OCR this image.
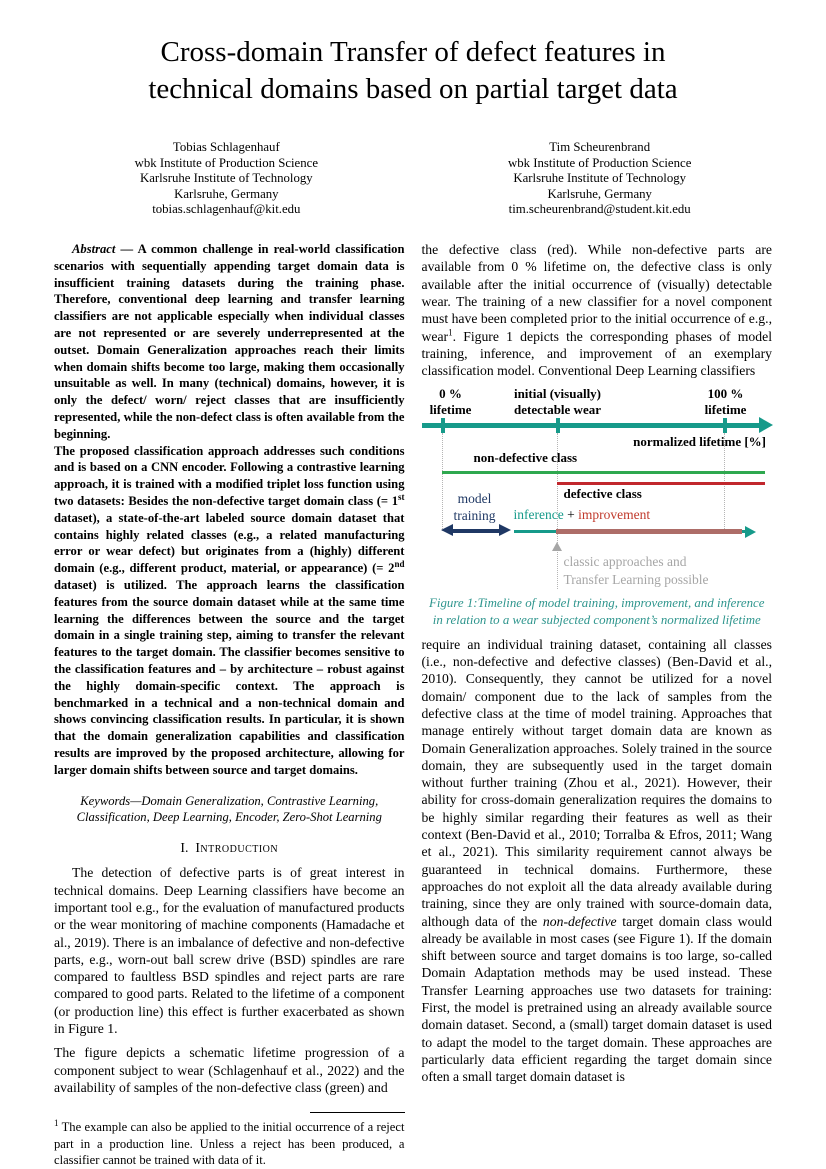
Cross-domain Transfer of defect features in
technical domains based on partial target data
Tobias Schlagenhauf
wbk Institute of Production Science
Karlsruhe Institute of Technology
Karlsruhe, Germany
tobias.schlagenhauf@kit.edu
Tim Scheurenbrand
wbk Institute of Production Science
Karlsruhe Institute of Technology
Karlsruhe, Germany
tim.scheurenbrand@student.kit.edu
Abstract — A common challenge in real-world classification scenarios with sequentially appending target domain data is insufficient training datasets during the training phase. Therefore, conventional deep learning and transfer learning classifiers are not applicable especially when individual classes are not represented or are severely underrepresented at the outset. Domain Generalization approaches reach their limits when domain shifts become too large, making them occasionally unsuitable as well. In many (technical) domains, however, it is only the defect/ worn/ reject classes that are insufficiently represented, while the non-defect class is often available from the beginning.
The proposed classification approach addresses such conditions and is based on a CNN encoder. Following a contrastive learning approach, it is trained with a modified triplet loss function using two datasets: Besides the non-defective target domain class (= 1st dataset), a state-of-the-art labeled source domain dataset that contains highly related classes (e.g., a related manufacturing error or wear defect) but originates from a (highly) different domain (e.g., different product, material, or appearance) (= 2nd dataset) is utilized. The approach learns the classification features from the source domain dataset while at the same time learning the differences between the source and the target domain in a single training step, aiming to transfer the relevant features to the target domain. The classifier becomes sensitive to the classification features and – by architecture – robust against the highly domain-specific context. The approach is benchmarked in a technical and a non-technical domain and shows convincing classification results. In particular, it is shown that the domain generalization capabilities and classification results are improved by the proposed architecture, allowing for larger domain shifts between source and target domains.
Keywords—Domain Generalization, Contrastive Learning, Classification, Deep Learning, Encoder, Zero-Shot Learning
I. Introduction

The detection of defective parts is of great interest in technical domains. Deep Learning classifiers have become an important tool e.g., for the evaluation of manufactured products or the wear monitoring of machine components (Hamadache et al., 2019). There is an imbalance of defective and non-defective parts, e.g., worn-out ball screw drive (BSD) spindles are rare compared to faultless BSD spindles and reject parts are rare compared to good parts. Related to the lifetime of a component (or production line) this effect is further exacerbated as shown in Figure 1.

The figure depicts a schematic lifetime progression of a component subject to wear (Schlagenhauf et al., 2022) and the availability of samples of the non-defective class (green) and

$^1$ The example can also be applied to the initial occurrence of a reject part in a production line. Unless a reject has been produced, a classifier cannot be trained with data of it.

the defective class (red). While non-defective parts are available from 0 % lifetime on, the defective class is only available after the initial occurrence of (visually) detectable wear. The training of a new classifier for a novel component must have been completed prior to the initial occurrence of e.g., wear$^1$. Figure 1 depicts the corresponding phases of model training, inference, and improvement of an exemplary classification model. Conventional Deep Learning classifiers

0 %
lifetime
initial (visually)
detectable wear
100 %
lifetime
normalized lifetime [%]
non-defective class
defective class
model
training	inference + improvement
classic approaches and
Transfer Learning possible
Figure 1:Timeline of model training, improvement, and inference in relation to a wear subjected component’s normalized lifetime

require an individual training dataset, containing all classes (i.e., non-defective and defective classes) (Ben-David et al., 2010). Consequently, they cannot be utilized for a novel domain/ component due to the lack of samples from the defective class at the time of model training. Approaches that manage entirely without target domain data are known as Domain Generalization approaches. Solely trained in the source domain, they are subsequently used in the target domain without further training (Zhou et al., 2021). However, their ability for cross-domain generalization requires the domains to be highly similar regarding their features as well as their context (Ben-David et al., 2010; Torralba & Efros, 2011; Wang et al., 2021). This similarity requirement cannot always be guaranteed in technical domains. Furthermore, these approaches do not exploit all the data already available during training, since they are only trained with source-domain data, although data of the non-defective target domain class would already be available in most cases (see Figure 1). If the domain shift between source and target domains is too large, so-called Domain Adaptation methods may be used instead. These Transfer Learning approaches use two datasets for training: First, the model is pretrained using an already available source domain dataset. Second, a (small) target domain dataset is used to adapt the model to the target domain. These approaches are particularly data efficient regarding the target domain since often a small target domain dataset is
